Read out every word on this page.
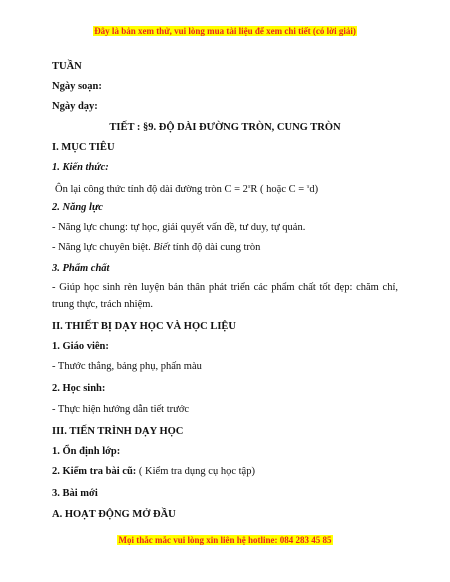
Đây là bản xem thử, vui lòng mua tài liệu để xem chi tiết (có lời giải)
TUẦN
Ngày soạn:
Ngày dạy:
TIẾT : §9. ĐỘ DÀI ĐƯỜNG TRÒN, CUNG TRÒN
I. MỤC TIÊU
1. Kiến thức:
Ôn lại công thức tính độ dài đường tròn $C = 2^\pi R$ ( hoặc C = $^\pi$d)
2. Năng lực
- Năng lực chung: tự học, giải quyết vấn đề, tư duy, tự quản.
- Năng lực chuyên biệt. Biết tính độ dài cung tròn
3. Phẩm chất
- Giúp học sinh rèn luyện bản thân phát triển các phẩm chất tốt đẹp: chăm chỉ, trung thực, trách nhiệm.
II. THIẾT BỊ DẠY HỌC VÀ HỌC LIỆU
1. Giáo viên:
- Thước thẳng, bảng phụ, phấn màu
2. Học sinh:
- Thực hiện hướng dẫn tiết trước
III. TIẾN TRÌNH DẠY HỌC
1. Ổn định lớp:
2. Kiểm tra bài cũ: ( Kiểm tra dụng cụ học tập)
3. Bài mới
A. HOẠT ĐỘNG MỞ ĐẦU
Mọi thắc mắc vui lòng xin liên hệ hotline: 084 283 45 85
